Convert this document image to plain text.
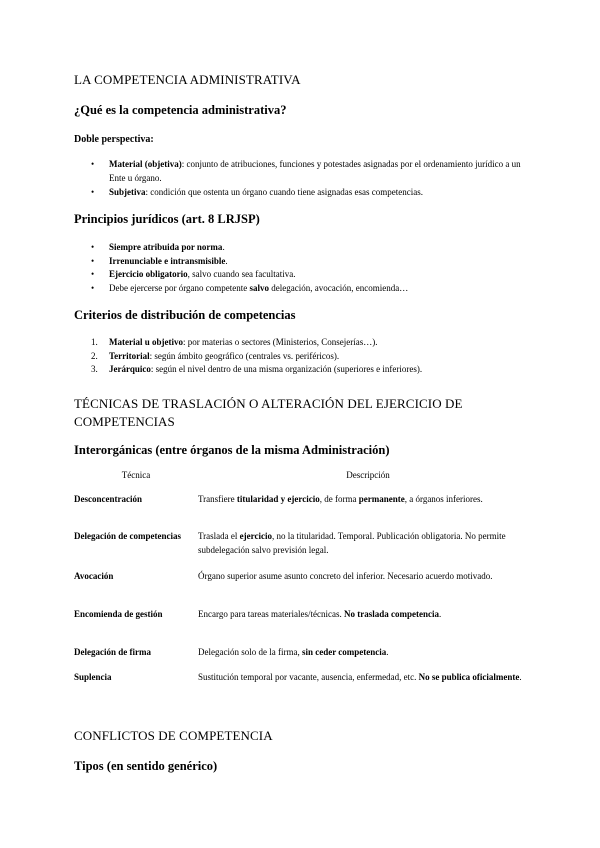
LA COMPETENCIA ADMINISTRATIVA
¿Qué es la competencia administrativa?
Doble perspectiva:
• Material (objetiva): conjunto de atribuciones, funciones y potestades asignadas por el ordenamiento jurídico a un Ente u órgano.
• Subjetiva: condición que ostenta un órgano cuando tiene asignadas esas competencias.
Principios jurídicos (art. 8 LRJSP)
• Siempre atribuida por norma.
• Irrenunciable e intransmisible.
• Ejercicio obligatorio, salvo cuando sea facultativa.
• Debe ejercerse por órgano competente salvo delegación, avocación, encomienda…
Criterios de distribución de competencias
1. Material u objetivo: por materias o sectores (Ministerios, Consejerías…).
2. Territorial: según ámbito geográfico (centrales vs. periféricos).
3. Jerárquico: según el nivel dentro de una misma organización (superiores e inferiores).
TÉCNICAS DE TRASLACIÓN O ALTERACIÓN DEL EJERCICIO DE COMPETENCIAS
Interorgánicas (entre órganos de la misma Administración)
Técnica	Descripción
Desconcentración	Transfiere titularidad y ejercicio, de forma permanente, a órganos inferiores.
Delegación de competencias	Traslada el ejercicio, no la titularidad. Temporal. Publicación obligatoria. No permite subdelegación salvo previsión legal.
Avocación	Órgano superior asume asunto concreto del inferior. Necesario acuerdo motivado.
Encomienda de gestión	Encargo para tareas materiales/técnicas. No traslada competencia.
Delegación de firma	Delegación solo de la firma, sin ceder competencia.
Suplencia	Sustitución temporal por vacante, ausencia, enfermedad, etc. No se publica oficialmente.
CONFLICTOS DE COMPETENCIA
Tipos (en sentido genérico)
